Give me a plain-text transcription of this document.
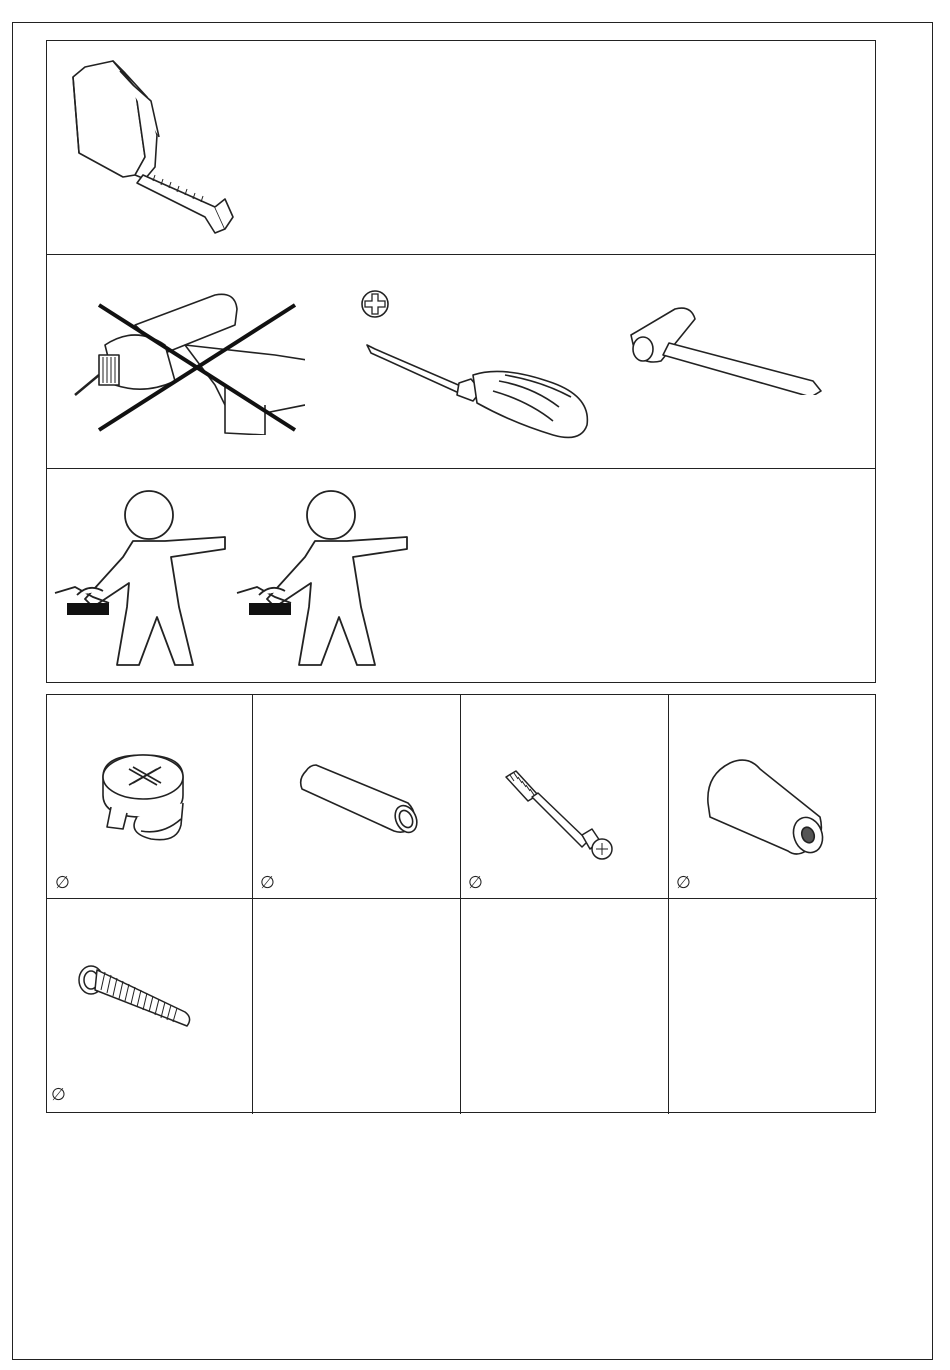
∅	∅	∅	∅
∅
